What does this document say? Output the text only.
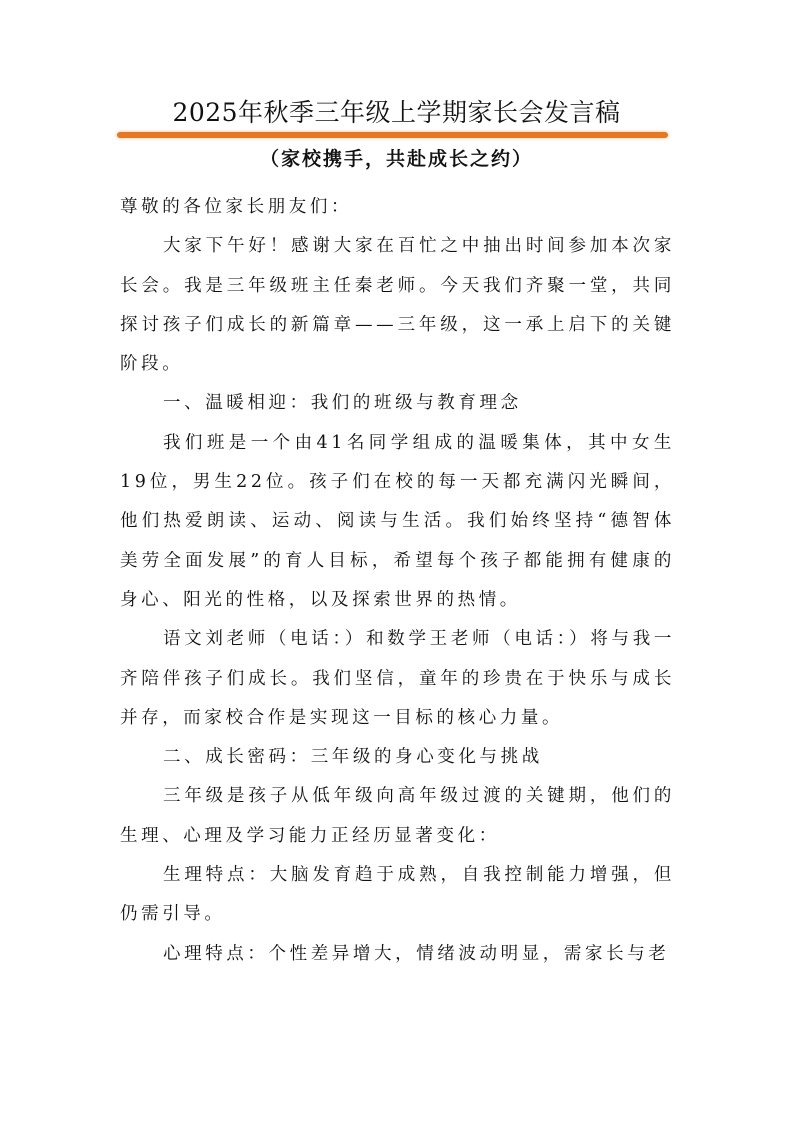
2025年秋季三年级上学期家长会发言稿
（家校携手，共赴成长之约）

尊敬的各位家长朋友们：

大家下午好！感谢大家在百忙之中抽出时间参加本次家长会。我是三年级班主任秦老师。今天我们齐聚一堂，共同探讨孩子们成长的新篇章——三年级，这一承上启下的关键阶段。

一、温暖相迎：我们的班级与教育理念

我们班是一个由41名同学组成的温暖集体，其中女生19位，男生22位。孩子们在校的每一天都充满闪光瞬间，他们热爱朗读、运动、阅读与生活。我们始终坚持“德智体美劳全面发展”的育人目标，希望每个孩子都能拥有健康的身心、阳光的性格，以及探索世界的热情。

语文刘老师（电话：）和数学王老师（电话：）将与我一齐陪伴孩子们成长。我们坚信，童年的珍贵在于快乐与成长并存，而家校合作是实现这一目标的核心力量。

二、成长密码：三年级的身心变化与挑战

三年级是孩子从低年级向高年级过渡的关键期，他们的生理、心理及学习能力正经历显著变化：

生理特点：大脑发育趋于成熟，自我控制能力增强，但仍需引导。

心理特点：个性差异增大，情绪波动明显，需家长与老
